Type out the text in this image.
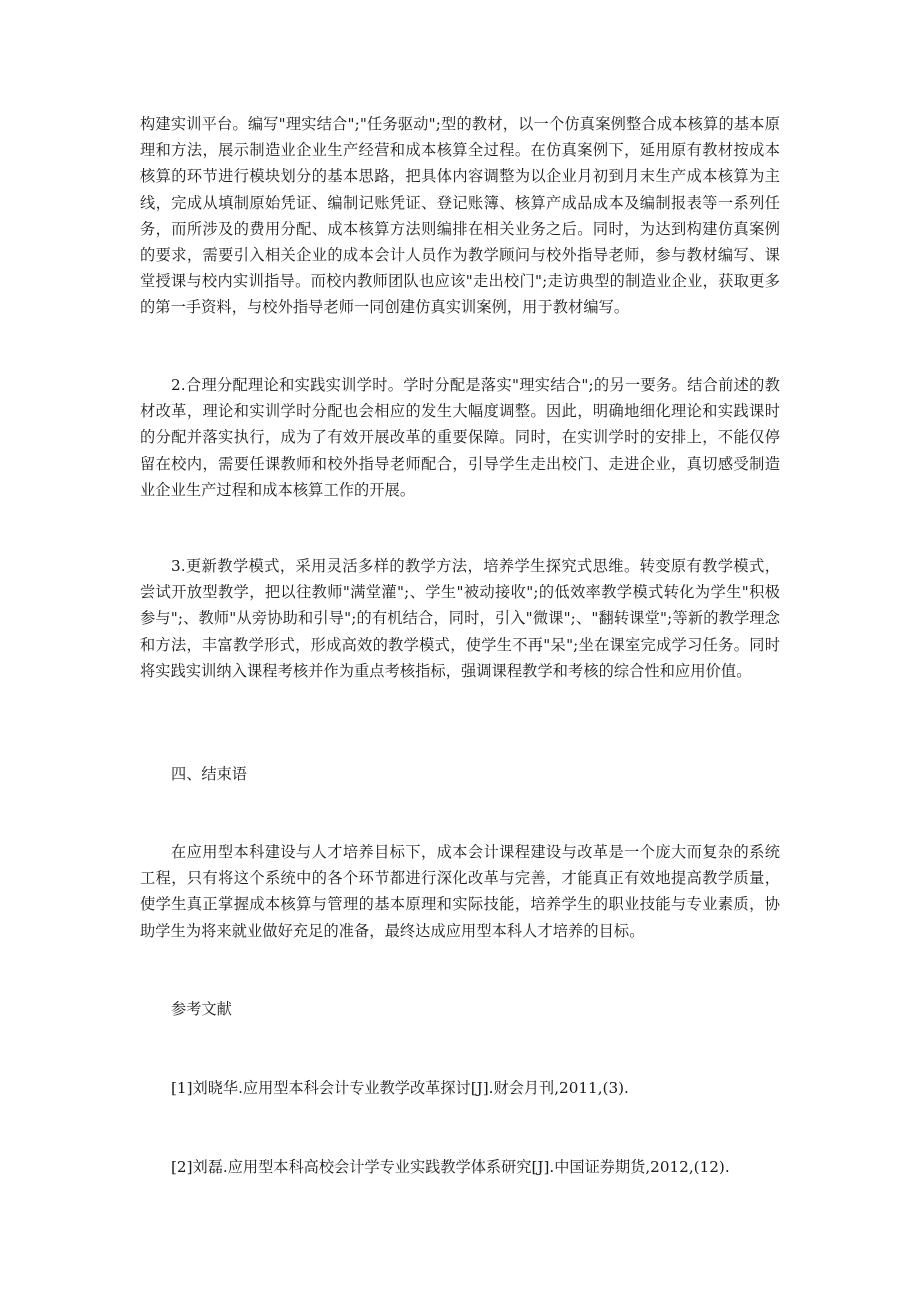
构建实训平台。编写"理实结合";"任务驱动";型的教材，以一个仿真案例整合成本核算的基本原理和方法，展示制造业企业生产经营和成本核算全过程。在仿真案例下，延用原有教材按成本核算的环节进行模块划分的基本思路，把具体内容调整为以企业月初到月末生产成本核算为主线，完成从填制原始凭证、编制记账凭证、登记账簿、核算产成品成本及编制报表等一系列任务，而所涉及的费用分配、成本核算方法则编排在相关业务之后。同时，为达到构建仿真案例的要求，需要引入相关企业的成本会计人员作为教学顾问与校外指导老师，参与教材编写、课堂授课与校内实训指导。而校内教师团队也应该"走出校门";走访典型的制造业企业，获取更多的第一手资料，与校外指导老师一同创建仿真实训案例，用于教材编写。

2.合理分配理论和实践实训学时。学时分配是落实"理实结合";的另一要务。结合前述的教材改革，理论和实训学时分配也会相应的发生大幅度调整。因此，明确地细化理论和实践课时的分配并落实执行，成为了有效开展改革的重要保障。同时，在实训学时的安排上，不能仅停留在校内，需要任课教师和校外指导老师配合，引导学生走出校门、走进企业，真切感受制造业企业生产过程和成本核算工作的开展。

3.更新教学模式，采用灵活多样的教学方法，培养学生探究式思维。转变原有教学模式，尝试开放型教学，把以往教师"满堂灌";、学生"被动接收";的低效率教学模式转化为学生"积极参与";、教师"从旁协助和引导";的有机结合，同时，引入"微课";、"翻转课堂";等新的教学理念和方法，丰富教学形式，形成高效的教学模式，使学生不再"呆";坐在课室完成学习任务。同时将实践实训纳入课程考核并作为重点考核指标，强调课程教学和考核的综合性和应用价值。

四、结束语

在应用型本科建设与人才培养目标下，成本会计课程建设与改革是一个庞大而复杂的系统工程，只有将这个系统中的各个环节都进行深化改革与完善，才能真正有效地提高教学质量，使学生真正掌握成本核算与管理的基本原理和实际技能，培养学生的职业技能与专业素质，协助学生为将来就业做好充足的准备，最终达成应用型本科人才培养的目标。

参考文献

[1]刘晓华.应用型本科会计专业教学改革探讨[J].财会月刊,2011,(3).

[2]刘磊.应用型本科高校会计学专业实践教学体系研究[J].中国证券期货,2012,(12).
